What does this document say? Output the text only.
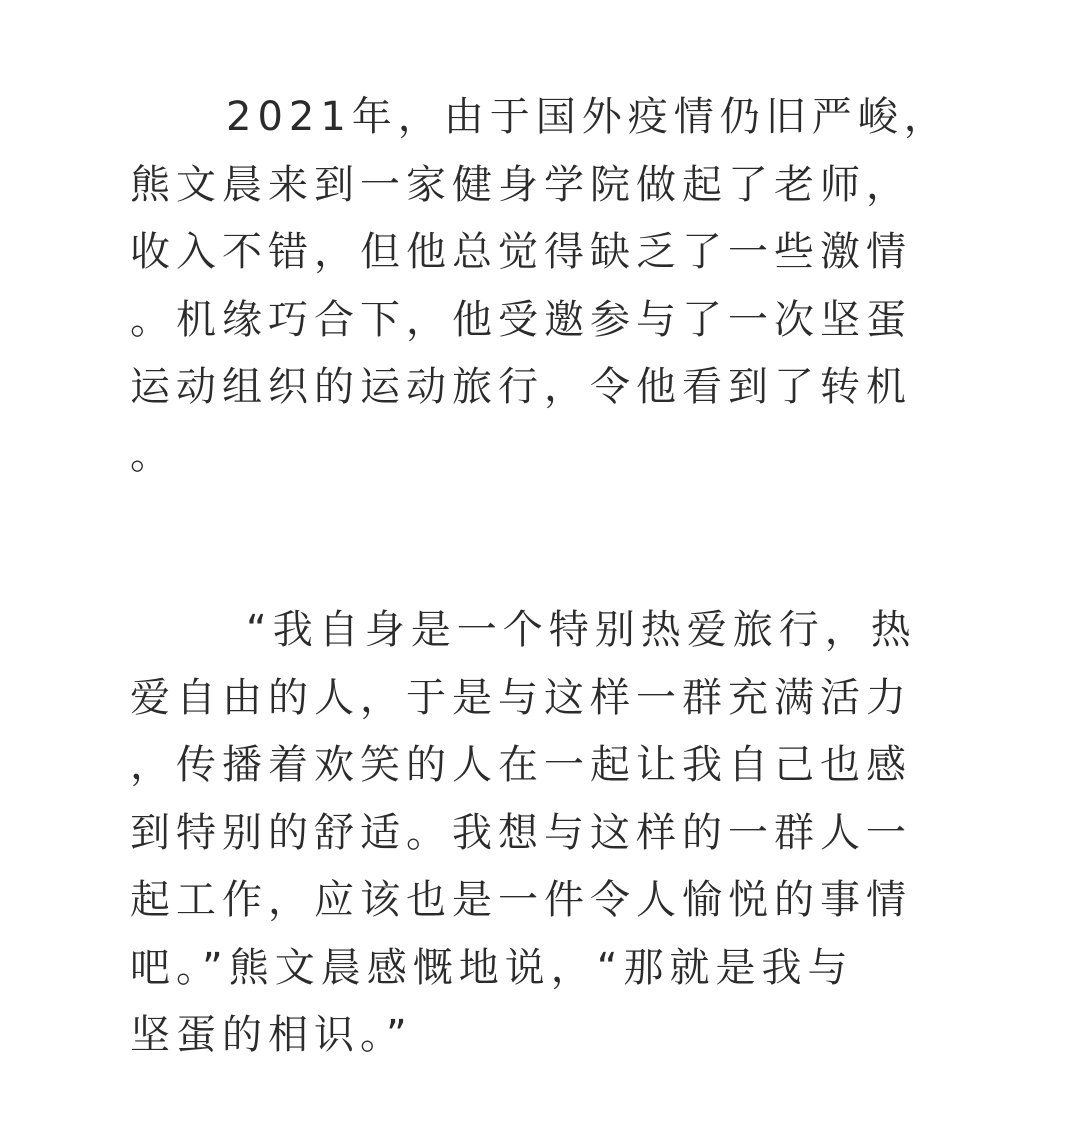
2021年，由于国外疫情仍旧严峻，
熊文晨来到一家健身学院做起了老师，
收入不错，但他总觉得缺乏了一些激情
。机缘巧合下，他受邀参与了一次坚蛋
运动组织的运动旅行，令他看到了转机
。
“我自身是一个特别热爱旅行，热
爱自由的人，于是与这样一群充满活力
，传播着欢笑的人在一起让我自己也感
到特别的舒适。我想与这样的一群人一
起工作，应该也是一件令人愉悦的事情
吧。”熊文晨感慨地说，“那就是我与
坚蛋的相识。”
